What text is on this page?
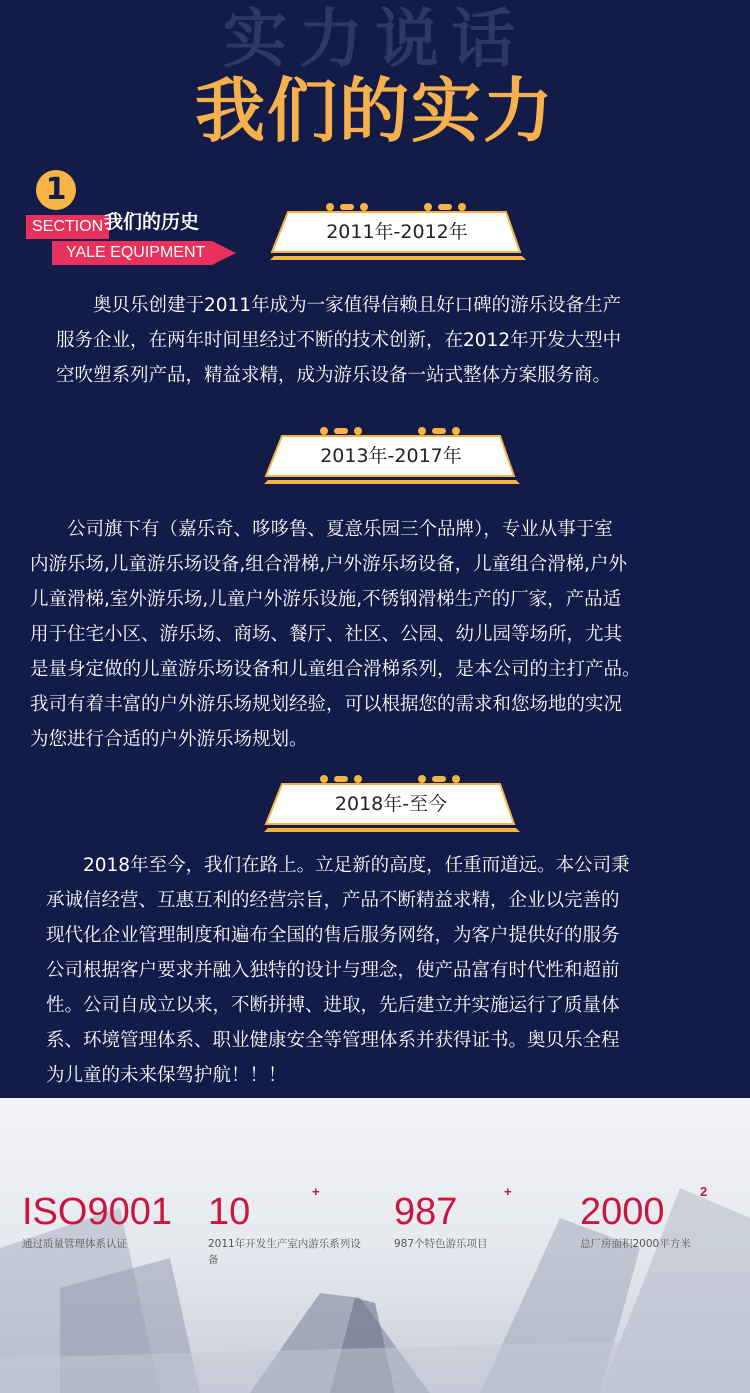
实力说话
我们的实力
1
SECTION 我们的历史
YALE EQUIPMENT
2011年-2012年

　　奥贝乐创建于2011年成为一家值得信赖且好口碑的游乐设备生产

服务企业，在两年时间里经过不断的技术创新，在2012年开发大型中

空吹塑系列产品，精益求精，成为游乐设备一站式整体方案服务商。

2013年-2017年

　　公司旗下有（嘉乐奇、哆哆鲁、夏意乐园三个品牌），专业从事于室

内游乐场,儿童游乐场设备,组合滑梯,户外游乐场设备，儿童组合滑梯,户外

儿童滑梯,室外游乐场,儿童户外游乐设施,不锈钢滑梯生产的厂家，产品适

用于住宅小区、游乐场、商场、餐厅、社区、公园、幼儿园等场所，尤其

是量身定做的儿童游乐场设备和儿童组合滑梯系列，是本公司的主打产品。

我司有着丰富的户外游乐场规划经验，可以根据您的需求和您场地的实况

为您进行合适的户外游乐场规划。

2018年-至今

　　2018年至今，我们在路上。立足新的高度，任重而道远。本公司秉

承诚信经营、互惠互利的经营宗旨，产品不断精益求精，企业以完善的

现代化企业管理制度和遍布全国的售后服务网络，为客户提供好的服务

公司根据客户要求并融入独特的设计与理念，使产品富有时代性和超前

性。公司自成立以来，不断拼搏、进取，先后建立并实施运行了质量体

系、环境管理体系、职业健康安全等管理体系并获得证书。奥贝乐全程

为儿童的未来保驾护航！！！

ISO9001
通过质量管理体系认证
10	+
2011年开发生产室内游乐系列设备
987	+
987个特色游乐项目
2000	2
总厂房面积2000平方米
